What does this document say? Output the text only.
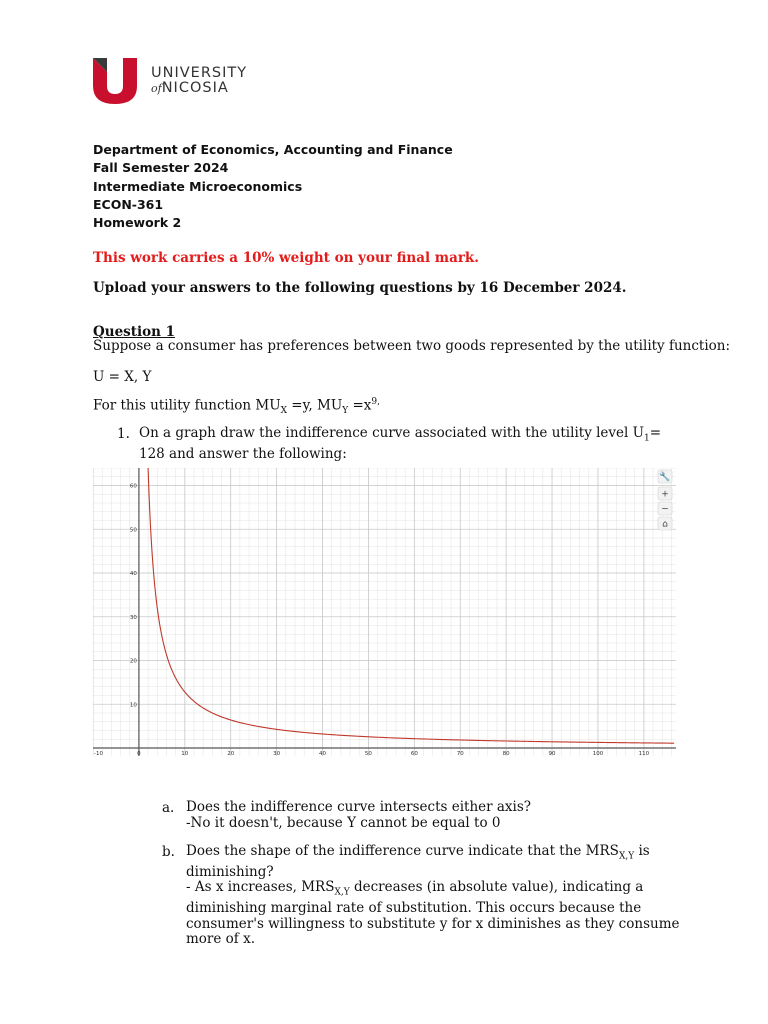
UNIVERSITY
ofNICOSIA
Department of Economics, Accounting and Finance
Fall Semester 2024
Intermediate Microeconomics
ECON-361
Homework 2
This work carries a 10% weight on your final mark.
Upload your answers to the following questions by 16 December 2024.
Question 1
Suppose a consumer has preferences between two goods represented by the utility function:
U = X, Y
For this utility function $MU_X =y$, $MU_Y =x^{9,}$
1. On a graph draw the indifference curve associated with the utility level $U_1= 128$ and answer the following:
-10	0	10	20	30	40	50	60	70	80	90	100	110
10
20
30
40
50
60
🔧
+
−
⌂
a. Does the indifference curve intersects either axis?
-No it doesn't, because Y cannot be equal to 0
b. Does the shape of the indifference curve indicate that the $MRS_{X,Y}$ is diminishing?
- As x increases, $MRS_{X,Y}$ decreases (in absolute value), indicating a diminishing marginal rate of substitution. This occurs because the consumer's willingness to substitute y for x diminishes as they consume more of x.
